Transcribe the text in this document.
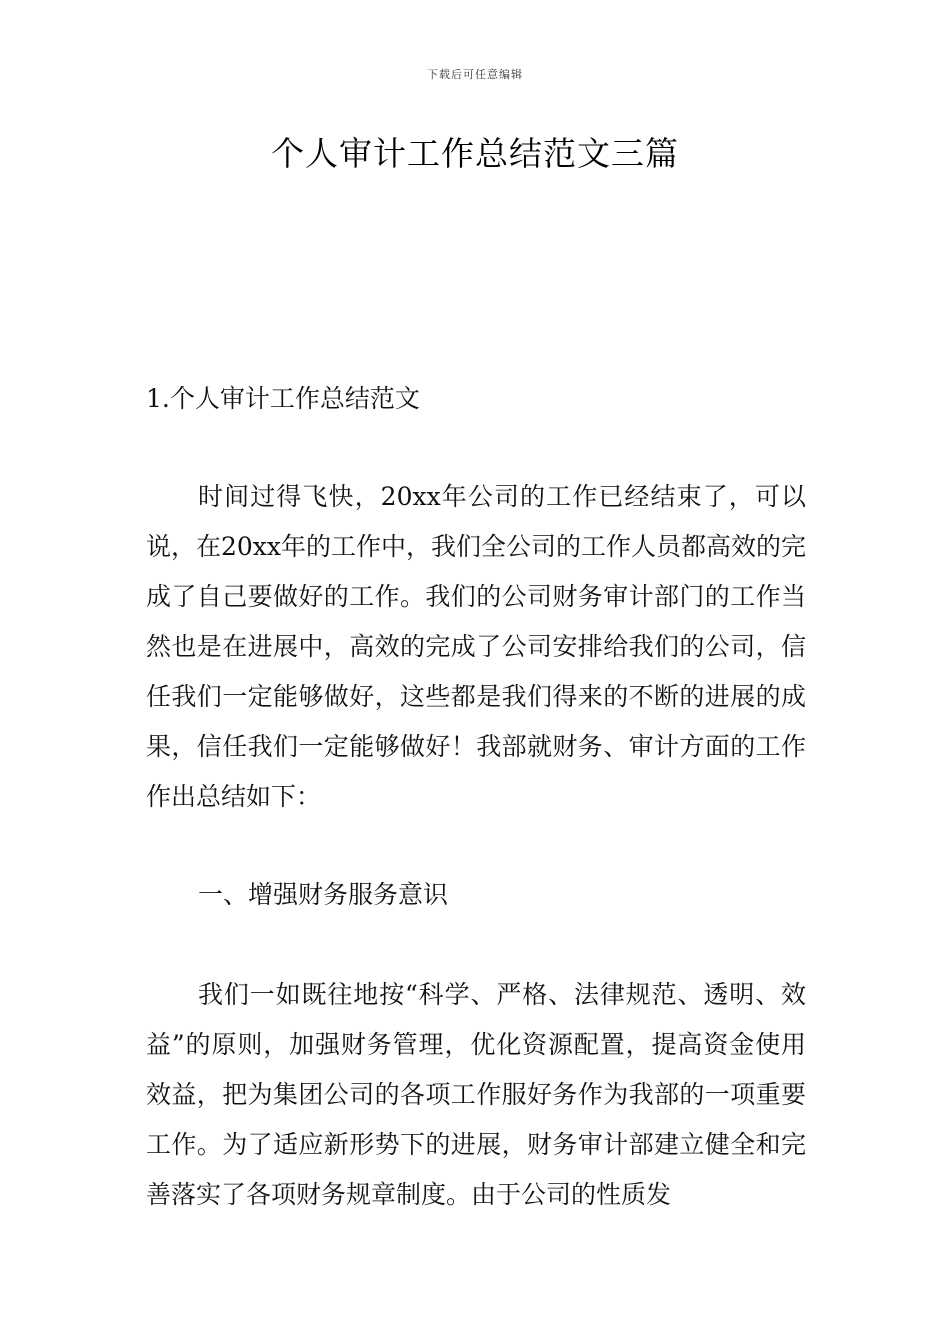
下载后可任意编辑
个人审计工作总结范文三篇
1.个人审计工作总结范文
时间过得飞快，20xx年公司的工作已经结束了，可以说，在20xx年的工作中，我们全公司的工作人员都高效的完成了自己要做好的工作。我们的公司财务审计部门的工作当然也是在进展中，高效的完成了公司安排给我们的公司，信任我们一定能够做好，这些都是我们得来的不断的进展的成果，信任我们一定能够做好！我部就财务、审计方面的工作作出总结如下：
一、增强财务服务意识
我们一如既往地按“科学、严格、法律规范、透明、效益”的原则，加强财务管理，优化资源配置，提高资金使用效益，把为集团公司的各项工作服好务作为我部的一项重要工作。为了适应新形势下的进展，财务审计部建立健全和完善落实了各项财务规章制度。由于公司的性质发
